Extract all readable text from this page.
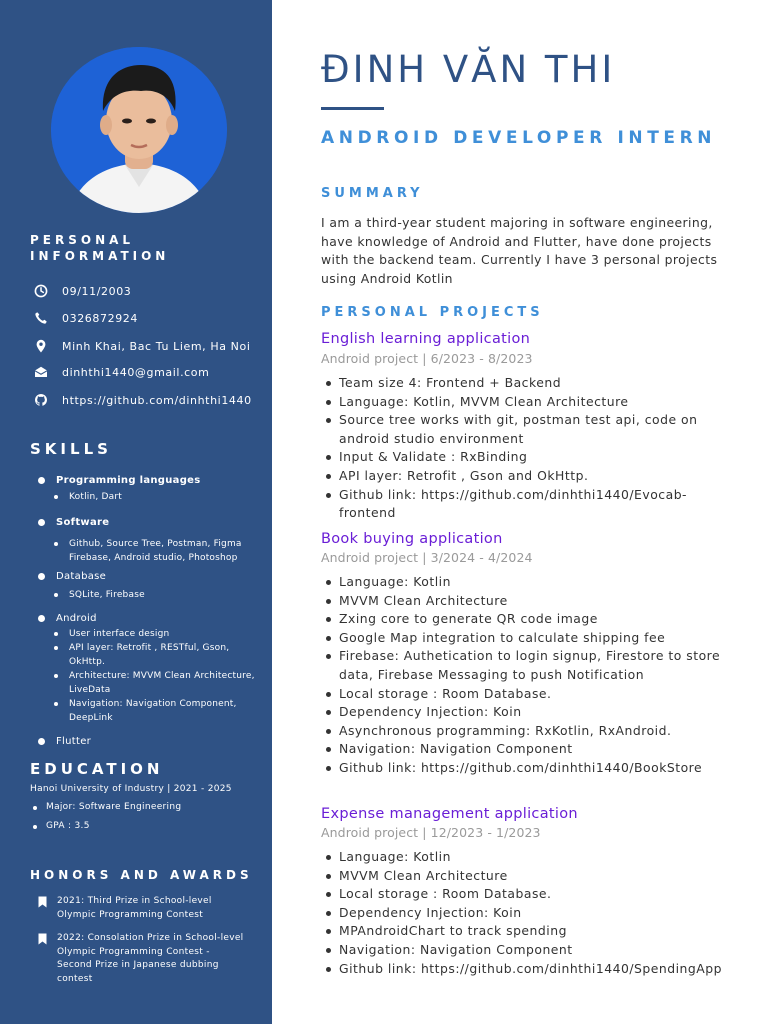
PERSONAL
INFORMATION
09/11/2003
0326872924
Minh Khai, Bac Tu Liem, Ha Noi
dinhthi1440@gmail.com
https://github.com/dinhthi1440
SKILLS
Programming languages
Kotlin, Dart
Software
Github, Source Tree, Postman, Figma Firebase, Android studio, Photoshop
Database
SQLite, Firebase
Android
User interface design
API layer: Retrofit , RESTful, Gson, OkHttp.
Architecture: MVVM Clean Architecture, LiveData
Navigation: Navigation Component, DeepLink
Flutter
EDUCATION
Hanoi University of Industry | 2021 - 2025
Major: Software Engineering
GPA : 3.5
HONORS AND AWARDS
2021: Third Prize in School-level Olympic Programming Contest
2022: Consolation Prize in School-level Olympic Programming Contest - Second Prize in Japanese dubbing contest
ĐINH VĂN THI
ANDROID DEVELOPER INTERN
SUMMARY

I am a third-year student majoring in software engineering, have knowledge of Android and Flutter, have done projects with the backend team. Currently I have 3 personal projects using Android Kotlin

PERSONAL PROJECTS
English learning application
Android project | 6/2023 - 8/2023
Team size 4: Frontend + Backend
Language: Kotlin, MVVM Clean Architecture
Source tree works with git, postman test api, code on android studio environment
Input & Validate : RxBinding
API layer: Retrofit , Gson and OkHttp.
Github link: https://github.com/dinhthi1440/Evocab-frontend
Book buying application
Android project | 3/2024 - 4/2024
Language: Kotlin
MVVM Clean Architecture
Zxing core to generate QR code image
Google Map integration to calculate shipping fee
Firebase: Authetication to login signup, Firestore to store data, Firebase Messaging to push Notification
Local storage : Room Database.
Dependency Injection: Koin
Asynchronous programming: RxKotlin, RxAndroid.
Navigation: Navigation Component
Github link: https://github.com/dinhthi1440/BookStore
Expense management application
Android project | 12/2023 - 1/2023
Language: Kotlin
MVVM Clean Architecture
Local storage : Room Database.
Dependency Injection: Koin
MPAndroidChart to track spending
Navigation: Navigation Component
Github link: https://github.com/dinhthi1440/SpendingApp
